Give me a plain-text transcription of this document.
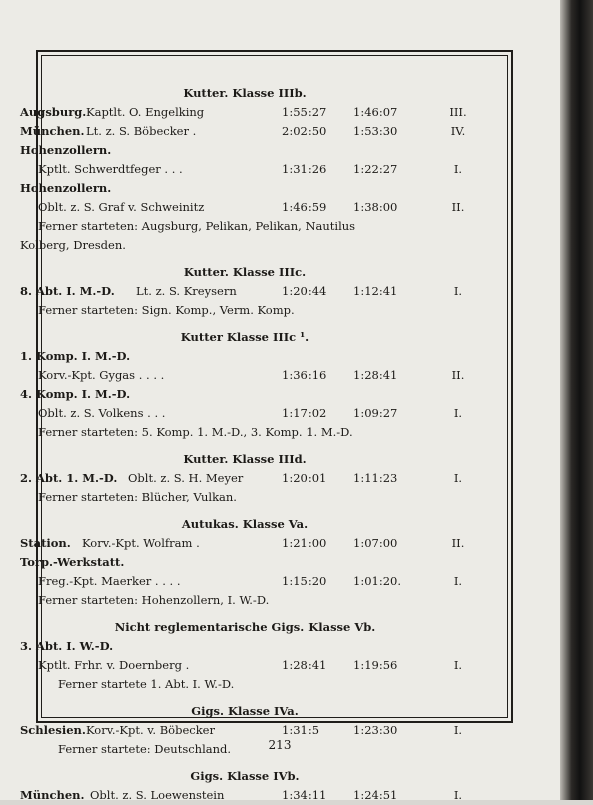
Kutter. Klasse IIIb.
Augsburg. Kaptlt. O. Engelking	1:55:27 1:46:07	III.
München. Lt. z. S. Böbecker .	2:02:50 1:53:30	IV.
Hohenzollern.
Kptlt. Schwerdtfeger . . .	1:31:26 1:22:27	I.
Hohenzollern.
Oblt. z. S. Graf v. Schweinitz	1:46:59 1:38:00	II.
Ferner starteten: Augsburg, Pelikan, Pelikan, Nautilus
Kolberg, Dresden.
Kutter. Klasse IIIc.
8. Abt. I. M.-D. Lt. z. S. Kreysern	1:20:44 1:12:41	I.
Ferner starteten: Sign. Komp., Verm. Komp.
Kutter Klasse IIIc ¹.
1. Komp. I. M.-D.
Korv.-Kpt. Gygas . . . .	1:36:16 1:28:41	II.
4. Komp. I. M.-D.
Oblt. z. S. Volkens . . .	1:17:02 1:09:27	I.
Ferner starteten: 5. Komp. 1. M.-D., 3. Komp. 1. M.-D.
Kutter. Klasse IIId.
2. Abt. 1. M.-D. Oblt. z. S. H. Meyer	1:20:01 1:11:23	I.
Ferner starteten: Blücher, Vulkan.
Autukas. Klasse Va.
Station. Korv.-Kpt. Wolfram .	1:21:00 1:07:00	II.
Torp.-Werkstatt.
Freg.-Kpt. Maerker . . . .	1:15:20 1:01:20.	I.
Ferner starteten: Hohenzollern, I. W.-D.
Nicht reglementarische Gigs. Klasse Vb.
3. Abt. I. W.-D.
Kptlt. Frhr. v. Doernberg .	1:28:41 1:19:56	I.
Ferner startete 1. Abt. I. W.-D.
Gigs. Klasse IVa.
Schlesien. Korv.-Kpt. v. Böbecker	1:31:5	1:23:30	I.
Ferner startete: Deutschland.
Gigs. Klasse IVb.
München. Oblt. z. S. Loewenstein	1:34:11 1:24:51	I.
213
